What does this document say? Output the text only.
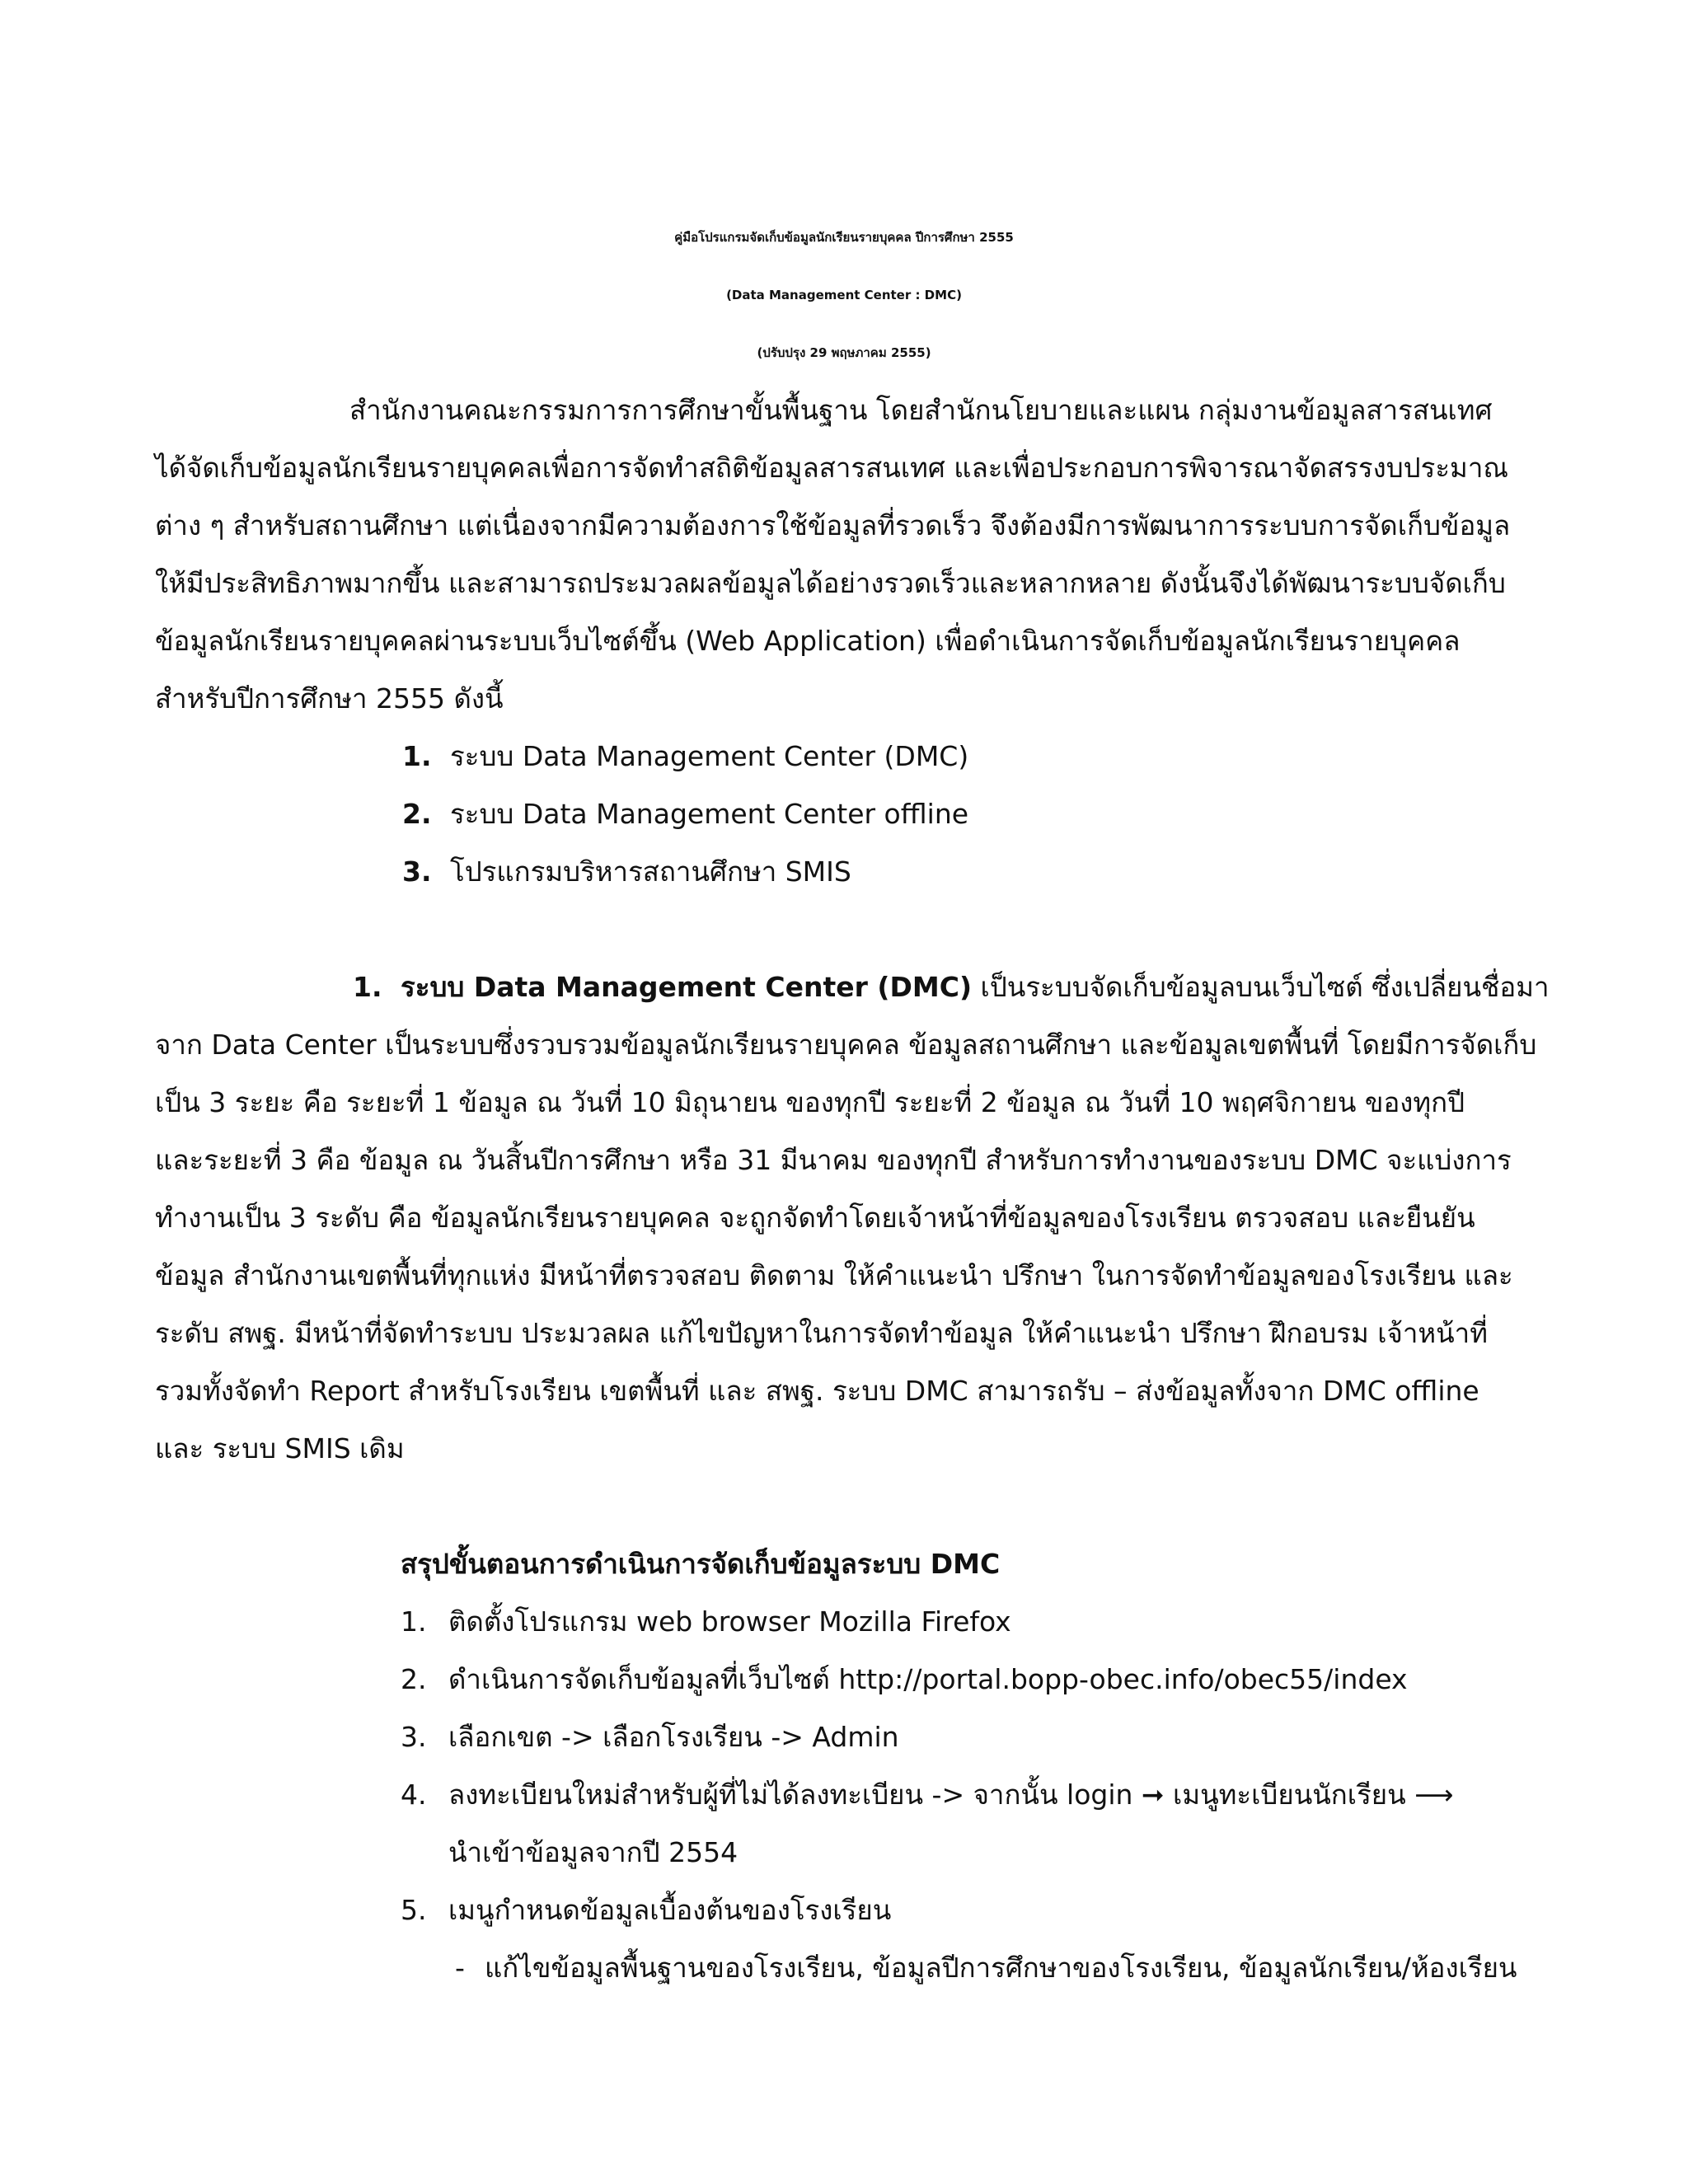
คู่มือโปรแกรมจัดเก็บข้อมูลนักเรียนรายบุคคล ปีการศึกษา 2555
(Data Management Center : DMC)
(ปรับปรุง 29 พฤษภาคม 2555)
สำนักงานคณะกรรมการการศึกษาขั้นพื้นฐาน โดยสำนักนโยบายและแผน กลุ่มงานข้อมูลสารสนเทศ
ได้จัดเก็บข้อมูลนักเรียนรายบุคคลเพื่อการจัดทำสถิติข้อมูลสารสนเทศ และเพื่อประกอบการพิจารณาจัดสรรงบประมาณ
ต่าง ๆ สำหรับสถานศึกษา แต่เนื่องจากมีความต้องการใช้ข้อมูลที่รวดเร็ว จึงต้องมีการพัฒนาการระบบการจัดเก็บข้อมูล
ให้มีประสิทธิภาพมากขึ้น และสามารถประมวลผลข้อมูลได้อย่างรวดเร็วและหลากหลาย ดังนั้นจึงได้พัฒนาระบบจัดเก็บ
ข้อมูลนักเรียนรายบุคคลผ่านระบบเว็บไซต์ขึ้น (Web Application) เพื่อดำเนินการจัดเก็บข้อมูลนักเรียนรายบุคคล
สำหรับปีการศึกษา 2555 ดังนี้
1. ระบบ Data Management Center (DMC)
2. ระบบ Data Management Center offline
3. โปรแกรมบริหารสถานศึกษา SMIS
1. ระบบ Data Management Center (DMC) เป็นระบบจัดเก็บข้อมูลบนเว็บไซต์ ซึ่งเปลี่ยนชื่อมา
จาก Data Center เป็นระบบซึ่งรวบรวมข้อมูลนักเรียนรายบุคคล ข้อมูลสถานศึกษา และข้อมูลเขตพื้นที่ โดยมีการจัดเก็บ
เป็น 3 ระยะ คือ ระยะที่ 1 ข้อมูล ณ วันที่ 10 มิถุนายน ของทุกปี ระยะที่ 2 ข้อมูล ณ วันที่ 10 พฤศจิกายน ของทุกปี
และระยะที่ 3 คือ ข้อมูล ณ วันสิ้นปีการศึกษา หรือ 31 มีนาคม ของทุกปี สำหรับการทำงานของระบบ DMC จะแบ่งการ
ทำงานเป็น 3 ระดับ คือ ข้อมูลนักเรียนรายบุคคล จะถูกจัดทำโดยเจ้าหน้าที่ข้อมูลของโรงเรียน ตรวจสอบ และยืนยัน
ข้อมูล สำนักงานเขตพื้นที่ทุกแห่ง มีหน้าที่ตรวจสอบ ติดตาม ให้คำแนะนำ ปรึกษา ในการจัดทำข้อมูลของโรงเรียน และ
ระดับ สพฐ. มีหน้าที่จัดทำระบบ ประมวลผล แก้ไขปัญหาในการจัดทำข้อมูล ให้คำแนะนำ ปรึกษา ฝึกอบรม เจ้าหน้าที่
รวมทั้งจัดทำ Report สำหรับโรงเรียน เขตพื้นที่ และ สพฐ. ระบบ DMC สามารถรับ – ส่งข้อมูลทั้งจาก DMC offline
และ ระบบ SMIS เดิม
สรุปขั้นตอนการดำเนินการจัดเก็บข้อมูลระบบ DMC
1. ติดตั้งโปรแกรม web browser Mozilla Firefox
2. ดำเนินการจัดเก็บข้อมูลที่เว็บไซต์ http://portal.bopp-obec.info/obec55/index
3. เลือกเขต -> เลือกโรงเรียน -> Admin
4. ลงทะเบียนใหม่สำหรับผู้ที่ไม่ได้ลงทะเบียน -> จากนั้น login ➞ เมนูทะเบียนนักเรียน ⟶
นำเข้าข้อมูลจากปี 2554
5. เมนูกำหนดข้อมูลเบื้องต้นของโรงเรียน
- แก้ไขข้อมูลพื้นฐานของโรงเรียน, ข้อมูลปีการศึกษาของโรงเรียน, ข้อมูลนักเรียน/ห้องเรียน
